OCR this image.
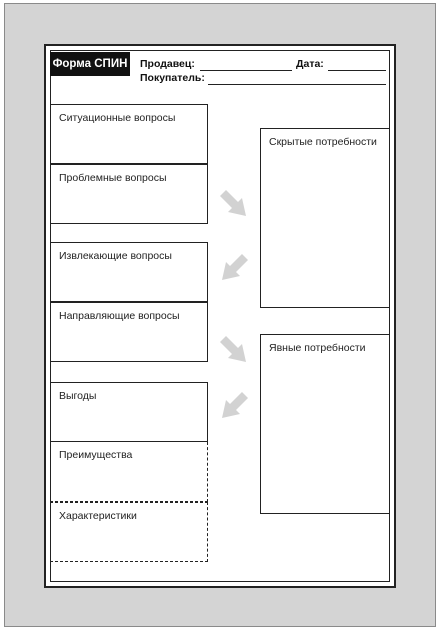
Форма СПИН Продавец:	Дата:
Покупатель:
Ситуационные вопросы
Проблемные вопросы
Извлекающие вопросы
Направляющие вопросы
Выгоды
Преимущества
Характеристики
Скрытые потребности
Явные потребности
